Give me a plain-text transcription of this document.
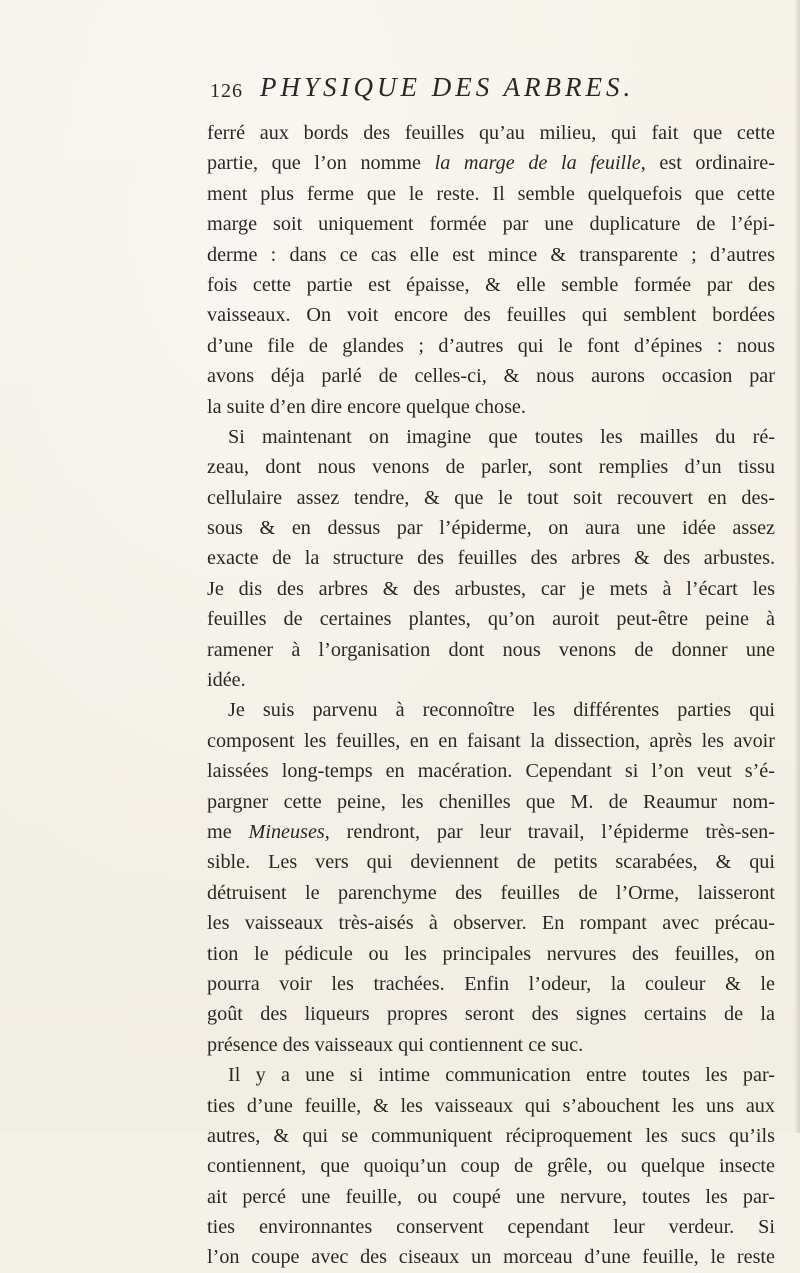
126 PHYSIQUE DES ARBRES.
ferré aux bords des feuilles qu’au milieu, qui fait que cette
partie, que l’on nomme la marge de la feuille, est ordinaire-
ment plus ferme que le reste. Il semble quelquefois que cette
marge soit uniquement formée par une duplicature de l’épi-
derme : dans ce cas elle est mince & transparente ; d’autres
fois cette partie est épaisse, & elle semble formée par des
vaisseaux. On voit encore des feuilles qui semblent bordées
d’une file de glandes ; d’autres qui le font d’épines : nous
avons déja parlé de celles-ci, & nous aurons occasion par
la suite d’en dire encore quelque chose.
Si maintenant on imagine que toutes les mailles du ré-
zeau, dont nous venons de parler, sont remplies d’un tissu
cellulaire assez tendre, & que le tout soit recouvert en des-
sous & en dessus par l’épiderme, on aura une idée assez
exacte de la structure des feuilles des arbres & des arbustes.
Je dis des arbres & des arbustes, car je mets à l’écart les
feuilles de certaines plantes, qu’on auroit peut-être peine à
ramener à l’organisation dont nous venons de donner une
idée.
Je suis parvenu à reconnoître les différentes parties qui
composent les feuilles, en en faisant la dissection, après les avoir
laissées long-temps en macération. Cependant si l’on veut s’é-
pargner cette peine, les chenilles que M. de Reaumur nom-
me Mineuses, rendront, par leur travail, l’épiderme très-sen-
sible. Les vers qui deviennent de petits scarabées, & qui
détruisent le parenchyme des feuilles de l’Orme, laisseront
les vaisseaux très-aisés à observer. En rompant avec précau-
tion le pédicule ou les principales nervures des feuilles, on
pourra voir les trachées. Enfin l’odeur, la couleur & le
goût des liqueurs propres seront des signes certains de la
présence des vaisseaux qui contiennent ce suc.
Il y a une si intime communication entre toutes les par-
ties d’une feuille, & les vaisseaux qui s’abouchent les uns aux
autres, & qui se communiquent réciproquement les sucs qu’ils
contiennent, que quoiqu’un coup de grêle, ou quelque insecte
ait percé une feuille, ou coupé une nervure, toutes les par-
ties environnantes conservent cependant leur verdeur. Si
l’on coupe avec des ciseaux un morceau d’une feuille, le reste
